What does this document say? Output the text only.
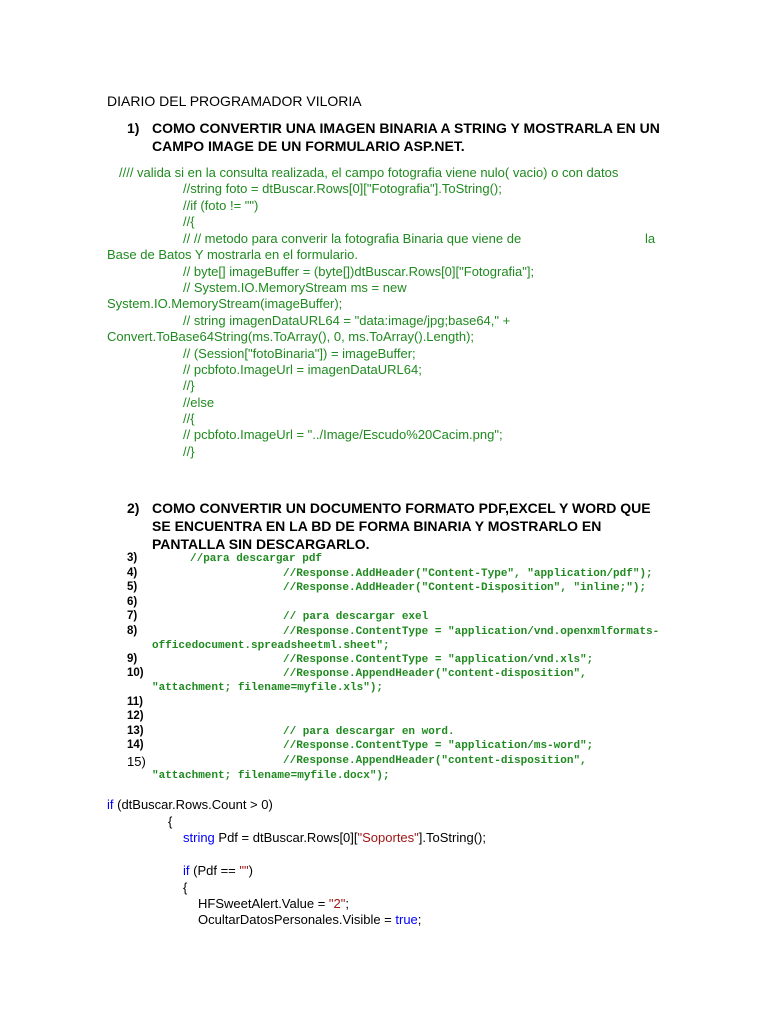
DIARIO DEL PROGRAMADOR VILORIA
1) COMO CONVERTIR UNA IMAGEN BINARIA A STRING Y MOSTRARLA EN UN
CAMPO IMAGE DE UN FORMULARIO ASP.NET.
//// valida si en la consulta realizada, el campo fotografia viene nulo( vacio) o con datos
//string foto = dtBuscar.Rows[0]["Fotografia"].ToString();
//if (foto != "")
//{
// // metodo para converir la fotografia Binaria que viene de	la
Base de Batos Y mostrarla en el formulario.
// byte[] imageBuffer = (byte[])dtBuscar.Rows[0]["Fotografia"];
// System.IO.MemoryStream ms = new
System.IO.MemoryStream(imageBuffer);
// string imagenDataURL64 = "data:image/jpg;base64," +
Convert.ToBase64String(ms.ToArray(), 0, ms.ToArray().Length);
// (Session["fotoBinaria"]) = imageBuffer;
// pcbfoto.ImageUrl = imagenDataURL64;
//}
//else
//{
// pcbfoto.ImageUrl = "../Image/Escudo%20Cacim.png";
//}
2) COMO CONVERTIR UN DOCUMENTO FORMATO PDF,EXCEL Y WORD QUE
SE ENCUENTRA EN LA BD DE FORMA BINARIA Y MOSTRARLO EN
PANTALLA SIN DESCARGARLO.
3)	//para descargar pdf
4)	//Response.AddHeader("Content-Type", "application/pdf");
5)	//Response.AddHeader("Content-Disposition", "inline;");
6)
7)	// para descargar exel
8)	//Response.ContentType = "application/vnd.openxmlformats-
officedocument.spreadsheetml.sheet";
9)	//Response.ContentType = "application/vnd.xls";
10)	//Response.AppendHeader("content-disposition",
"attachment; filename=myfile.xls");
11)
12)
13)	// para descargar en word.
14)	//Response.ContentType = "application/ms-word";
15)	//Response.AppendHeader("content-disposition",
"attachment; filename=myfile.docx");
if (dtBuscar.Rows.Count > 0)
{
string Pdf = dtBuscar.Rows[0]["Soportes"].ToString();
if (Pdf == "")
{
HFSweetAlert.Value = "2";
OcultarDatosPersonales.Visible = true;
